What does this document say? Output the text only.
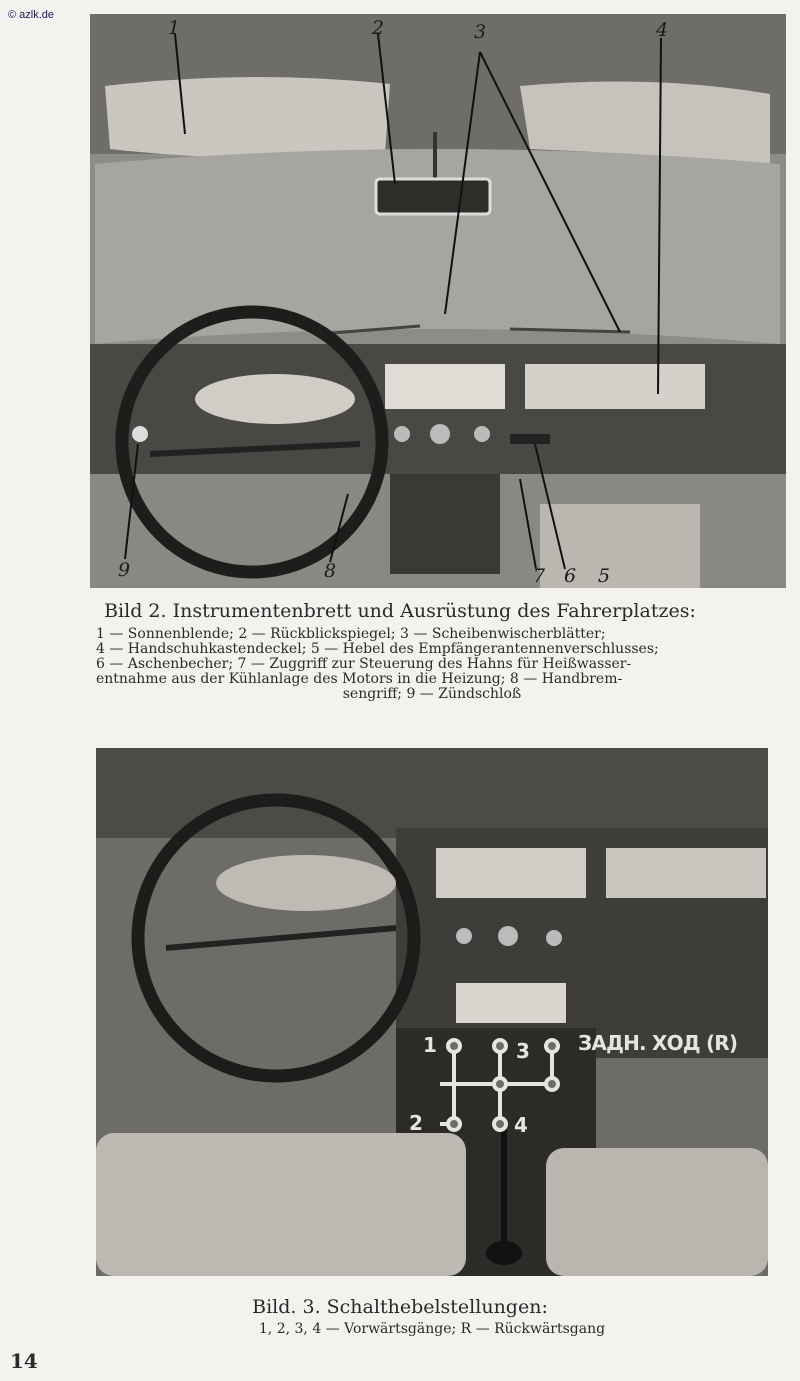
© azlk.de
1	2	3	4
5
6
7
8
9
Bild 2. Instrumentenbrett und Ausrüstung des Fahrerplatzes:
1 — Sonnenblende; 2 — Rückblickspiegel; 3 — Scheibenwischerblätter;
4 — Handschuhkastendeckel; 5 — Hebel des Empfängerantennenverschlusses;
6 — Aschenbecher; 7 — Zuggriff zur Steuerung des Hahns für Heißwasser-
entnahme aus der Kühlanlage des Motors in die Heizung; 8 — Handbrem-
sengriff; 9 — Zündschloß
1
2
3
4
ЗАДН. ХОД (R)
Bild. 3. Schalthebelstellungen:
1, 2, 3, 4 — Vorwärtsgänge; R — Rückwärtsgang
14
